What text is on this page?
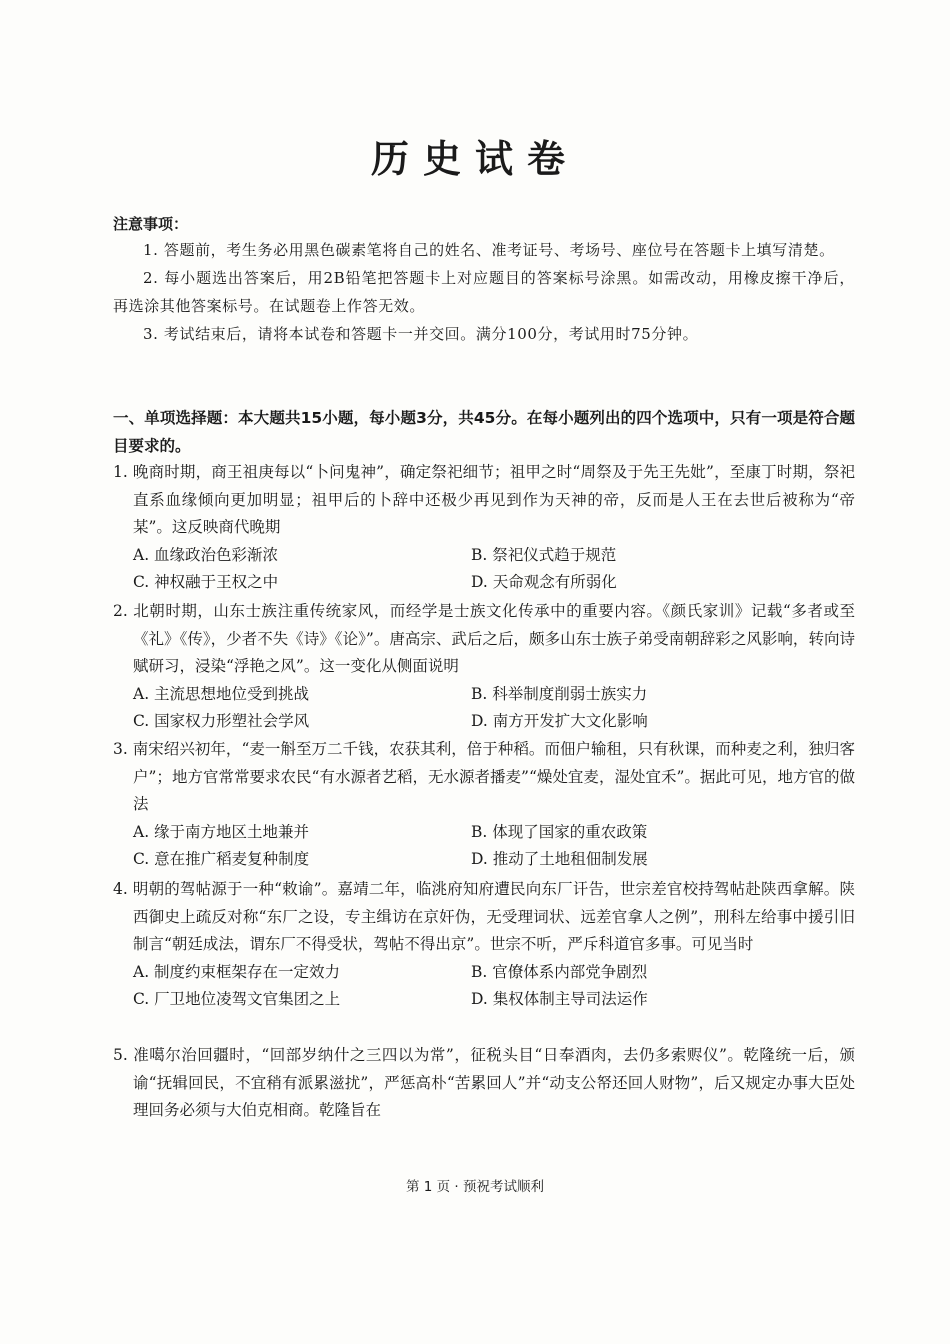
历史试卷
注意事项：

1. 答题前，考生务必用黑色碳素笔将自己的姓名、准考证号、考场号、座位号在答题卡上填写清楚。

2. 每小题选出答案后，用2B铅笔把答题卡上对应题目的答案标号涂黑。如需改动，用橡皮擦干净后，再选涂其他答案标号。在试题卷上作答无效。

3. 考试结束后，请将本试卷和答题卡一并交回。满分100分，考试用时75分钟。

一、单项选择题：本大题共15小题，每小题3分，共45分。在每小题列出的四个选项中，只有一项是符合题目要求的。
1. 晚商时期，商王祖庚每以“卜问鬼神”，确定祭祀细节；祖甲之时“周祭及于先王先妣”，至康丁时期，祭祀直系血缘倾向更加明显；祖甲后的卜辞中还极少再见到作为天神的帝，反而是人王在去世后被称为“帝某”。这反映商代晚期
A. 血缘政治色彩渐浓	B. 祭祀仪式趋于规范
C. 神权融于王权之中	D. 天命观念有所弱化
2. 北朝时期，山东士族注重传统家风，而经学是士族文化传承中的重要内容。《颜氏家训》记载“多者或至《礼》《传》，少者不失《诗》《论》”。唐高宗、武后之后，颇多山东士族子弟受南朝辞彩之风影响，转向诗赋研习，浸染“浮艳之风”。这一变化从侧面说明
A. 主流思想地位受到挑战	B. 科举制度削弱士族实力
C. 国家权力形塑社会学风	D. 南方开发扩大文化影响
3. 南宋绍兴初年，“麦一斛至万二千钱，农获其利，倍于种稻。而佃户输租，只有秋课，而种麦之利，独归客户”；地方官常常要求农民“有水源者艺稻，无水源者播麦”“燥处宜麦，湿处宜禾”。据此可见，地方官的做法
A. 缘于南方地区土地兼并	B. 体现了国家的重农政策
C. 意在推广稻麦复种制度	D. 推动了土地租佃制发展
4. 明朝的驾帖源于一种“敕谕”。嘉靖二年，临洮府知府遭民向东厂讦告，世宗差官校持驾帖赴陕西拿解。陕西御史上疏反对称“东厂之设，专主缉访在京奸伪，无受理词状、远差官拿人之例”，刑科左给事中援引旧制言“朝廷成法，谓东厂不得受状，驾帖不得出京”。世宗不听，严斥科道官多事。可见当时
A. 制度约束框架存在一定效力	B. 官僚体系内部党争剧烈
C. 厂卫地位凌驾文官集团之上	D. 集权体制主导司法运作
5. 准噶尔治回疆时，“回部岁纳什之三四以为常”，征税头目“日奉酒肉，去仍多索赆仪”。乾隆统一后，颁谕“抚辑回民，不宜稍有派累滋扰”，严惩高朴“苦累回人”并“动支公帑还回人财物”，后又规定办事大臣处理回务必须与大伯克相商。乾隆旨在
第 1 页 · 预祝考试顺利
